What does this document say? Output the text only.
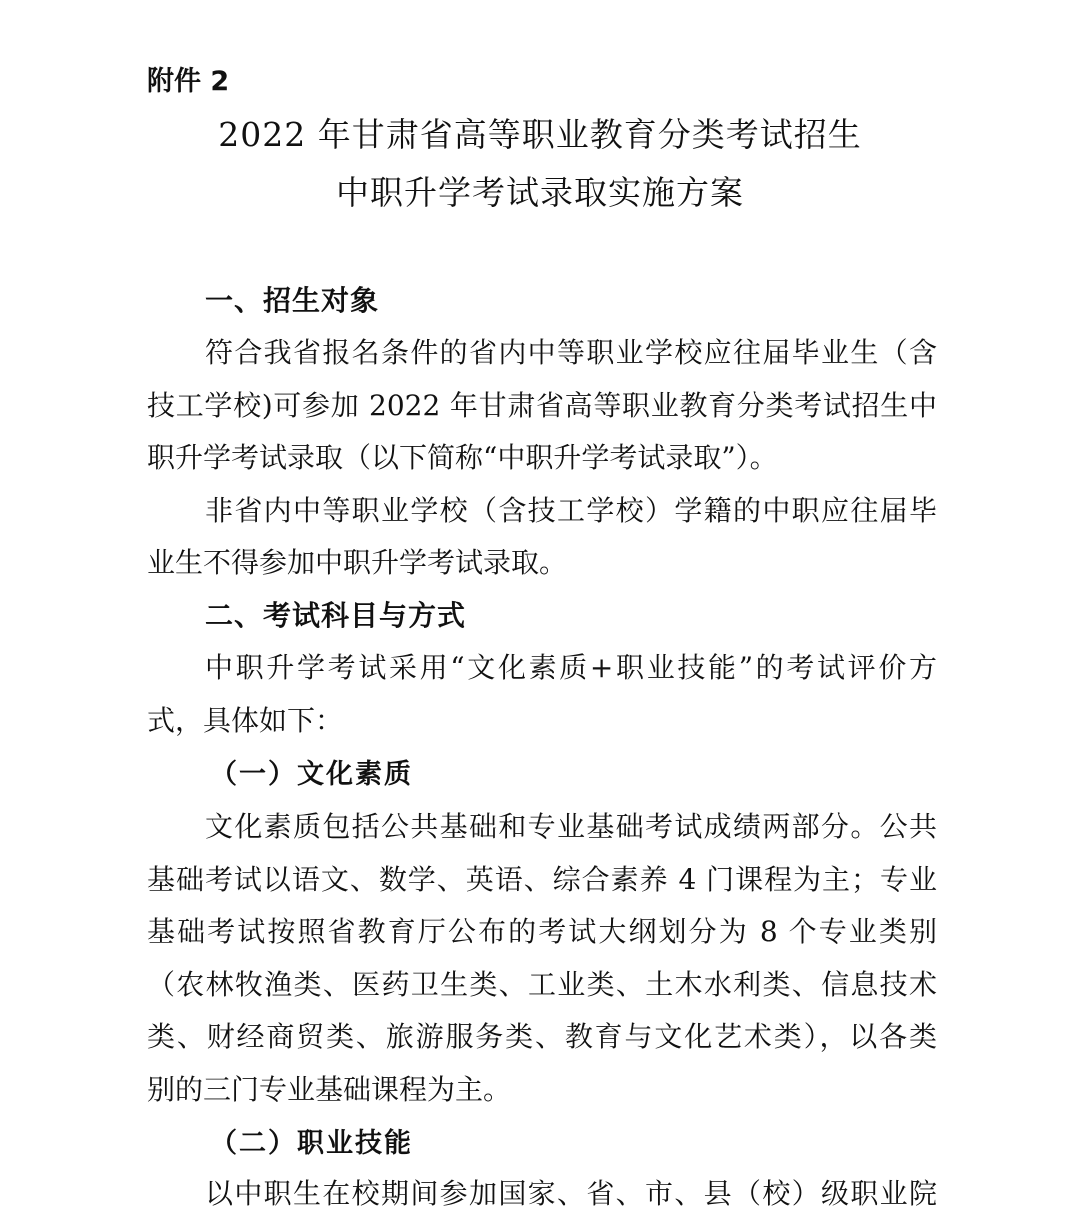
附件 2
2022 年甘肃省高等职业教育分类考试招生
中职升学考试录取实施方案
一、招生对象
符合我省报名条件的省内中等职业学校应往届毕业生（含
技工学校)可参加 2022 年甘肃省高等职业教育分类考试招生中
职升学考试录取（以下简称“中职升学考试录取”）。
非省内中等职业学校（含技工学校）学籍的中职应往届毕
业生不得参加中职升学考试录取。
二、考试科目与方式
中职升学考试采用“文化素质+职业技能”的考试评价方
式，具体如下：
（一）文化素质
文化素质包括公共基础和专业基础考试成绩两部分。公共
基础考试以语文、数学、英语、综合素养 4 门课程为主；专业
基础考试按照省教育厅公布的考试大纲划分为 8 个专业类别
（农林牧渔类、医药卫生类、工业类、土木水利类、信息技术
类、财经商贸类、旅游服务类、教育与文化艺术类），以各类
别的三门专业基础课程为主。
（二）职业技能
以中职生在校期间参加国家、省、市、县（校）级职业院
